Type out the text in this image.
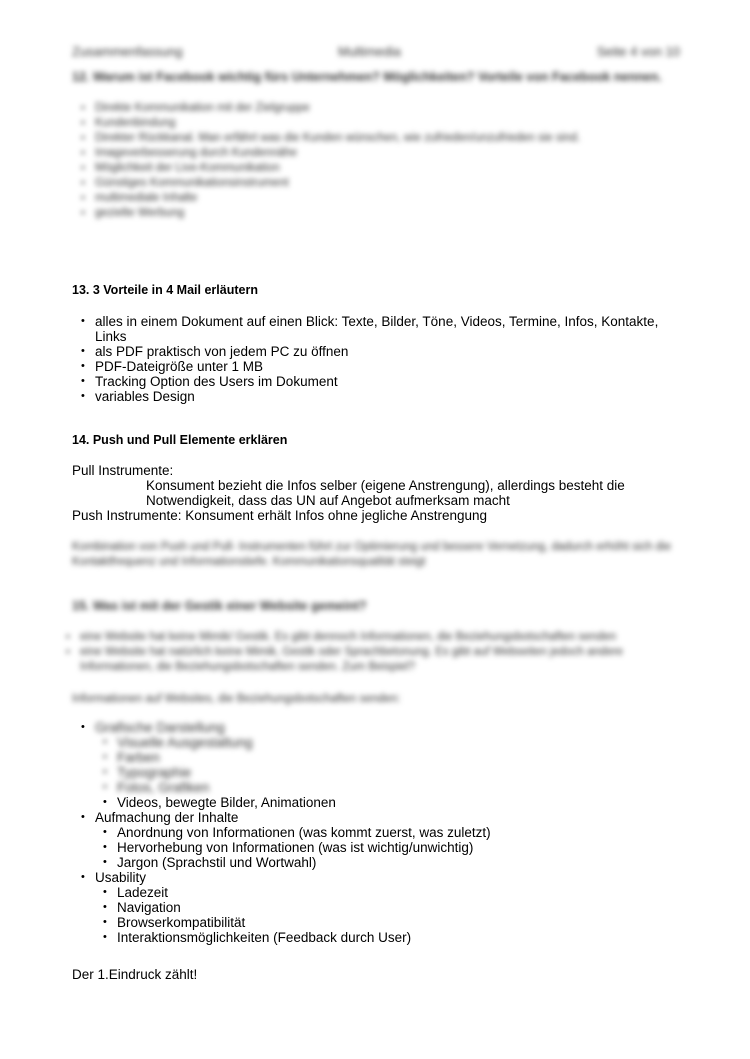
Zusammenfassung	Multimedia	Seite 4 von 10

12. Warum ist Facebook wichtig fürs Unternehmen? Möglichkeiten? Vorteile von Facebook nennen.

• Direkte Kommunikation mit der Zielgruppe
• Kundenbindung
• Direkter Rückkanal. Man erfährt was die Kunden wünschen, wie zufrieden/unzufrieden sie sind.
• Imageverbesserung durch Kundennähe
• Möglichkeit der Live-Kommunikation
• Günstiges Kommunikationsinstrument
• multimediale Inhalte
• gezielte Werbung

13. 3 Vorteile in 4 Mail erläutern

• alles in einem Dokument auf einen Blick: Texte, Bilder, Töne, Videos, Termine, Infos, Kontakte, Links
• als PDF praktisch von jedem PC zu öffnen
• PDF-Dateigröße unter 1 MB
• Tracking Option des Users im Dokument
• variables Design

14. Push und Pull Elemente erklären

Pull Instrumente:

Konsument bezieht die Infos selber (eigene Anstrengung), allerdings besteht die Notwendigkeit, dass das UN auf Angebot aufmerksam macht

Push Instrumente: Konsument erhält Infos ohne jegliche Anstrengung

Kombination von Push und Pull- Instrumenten führt zur Optimierung und bessere Vernetzung, dadurch erhöht sich die Kontaktfrequenz und Informationstiefe. Kommunikationsqualität steigt

15. Was ist mit der Gestik einer Website gemeint?

• eine Website hat keine Mimik/ Gestik. Es gibt dennoch Informationen, die Beziehungsbotschaften senden
• eine Website hat natürlich keine Mimik, Gestik oder Sprachbetonung. Es gibt auf Webseiten jedoch andere Informationen, die Beziehungsbotschaften senden. Zum Beispiel?

Informationen auf Websites, die Beziehungsbotschaften senden:

• Grafische Darstellung
• Visuelle Ausgestaltung
• Farben
• Typographie
• Fotos, Grafiken
• Videos, bewegte Bilder, Animationen
• Aufmachung der Inhalte
• Anordnung von Informationen (was kommt zuerst, was zuletzt)
• Hervorhebung von Informationen (was ist wichtig/unwichtig)
• Jargon (Sprachstil und Wortwahl)
• Usability
• Ladezeit
• Navigation
• Browserkompatibilität
• Interaktionsmöglichkeiten (Feedback durch User)

Der 1.Eindruck zählt!
